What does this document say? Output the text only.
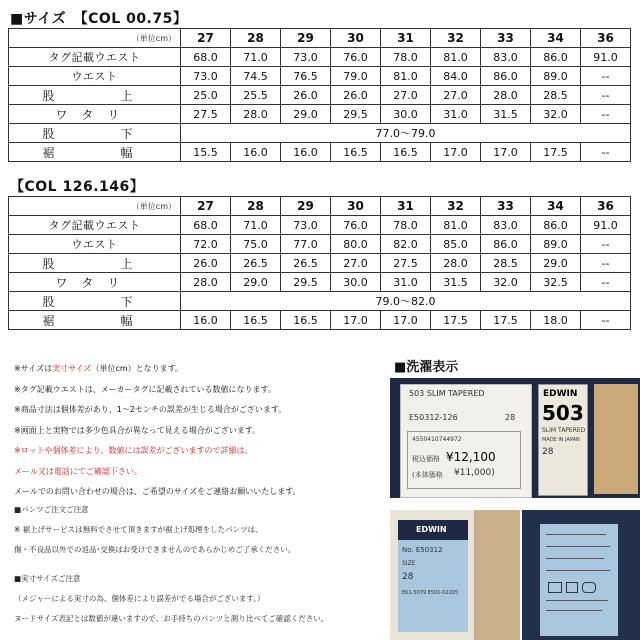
■サイズ　【COL 00.75】
（単位cm）	27	28	29	30	31	32	33	34	36
タグ記載ウエスト	68.0	71.0	73.0	76.0	78.0	81.0	83.0	86.0	91.0
ウエスト	73.0	74.5	76.5	79.0	81.0	84.0	86.0	89.0	--
股　　上	25.0	25.5	26.0	26.0	27.0	27.0	28.0	28.5	--
ワタリ	27.5	28.0	29.0	29.5	30.0	31.0	31.5	32.0	--
股　　下	77.0～79.0								
裾　　幅	15.5	16.0	16.0	16.5	16.5	17.0	17.0	17.5	--
【COL 126.146】
（単位cm）	27	28	29	30	31	32	33	34	36
タグ記載ウエスト	68.0	71.0	73.0	76.0	78.0	81.0	83.0	86.0	91.0
ウエスト	72.0	75.0	77.0	80.0	82.0	85.0	86.0	89.0	--
股　　上	26.0	26.5	26.5	27.0	27.5	28.0	28.5	29.0	--
ワタリ	28.0	29.0	29.5	30.0	31.0	31.5	32.0	32.5	--
股　　下	79.0～82.0								
裾　　幅	16.0	16.5	16.5	17.0	17.0	17.5	17.5	18.0	--
※サイズは実寸サイズ（単位cm）となります。
※タグ記載ウエストは、メーカータグに記載されている数値になります。
※商品寸法は個体差があり、1～2センチの誤差が生じる場合がございます。
※画面上と実物では多少色具合が異なって見える場合がございます。
※ロットや個体差により、数値には誤差がございますので詳細は、
メール又は電話にてご確認下さい。
メールでのお問い合わせの場合は、ご希望のサイズをご連絡お願いいたします。
■パンツご注文ご注意
※ 裾上げサービスは無料でさせて頂きますが裾上げ処理をしたパンツは、
傷・不良品以外での返品･交換はお受けできませんのであらかじめご了承ください。
■実寸サイズご注意
（メジャーによる実寸の為、個体差により誤差がでる場合がございます。）
ヌードサイズ表記とは数値が違いますので、お手持ちのパンツと測り比べてご確認ください。
■洗濯表示
503 SLIM TAPERED
E50312-126	28
4550410744972
税込価格 ¥12,100
(本体価格 ¥11,000)
EDWIN
503
SLIM TAPERED
MADE IN JAPAN
28
EDWIN
No. E50312
SIZE
28
EK1-5079 E501-02205
